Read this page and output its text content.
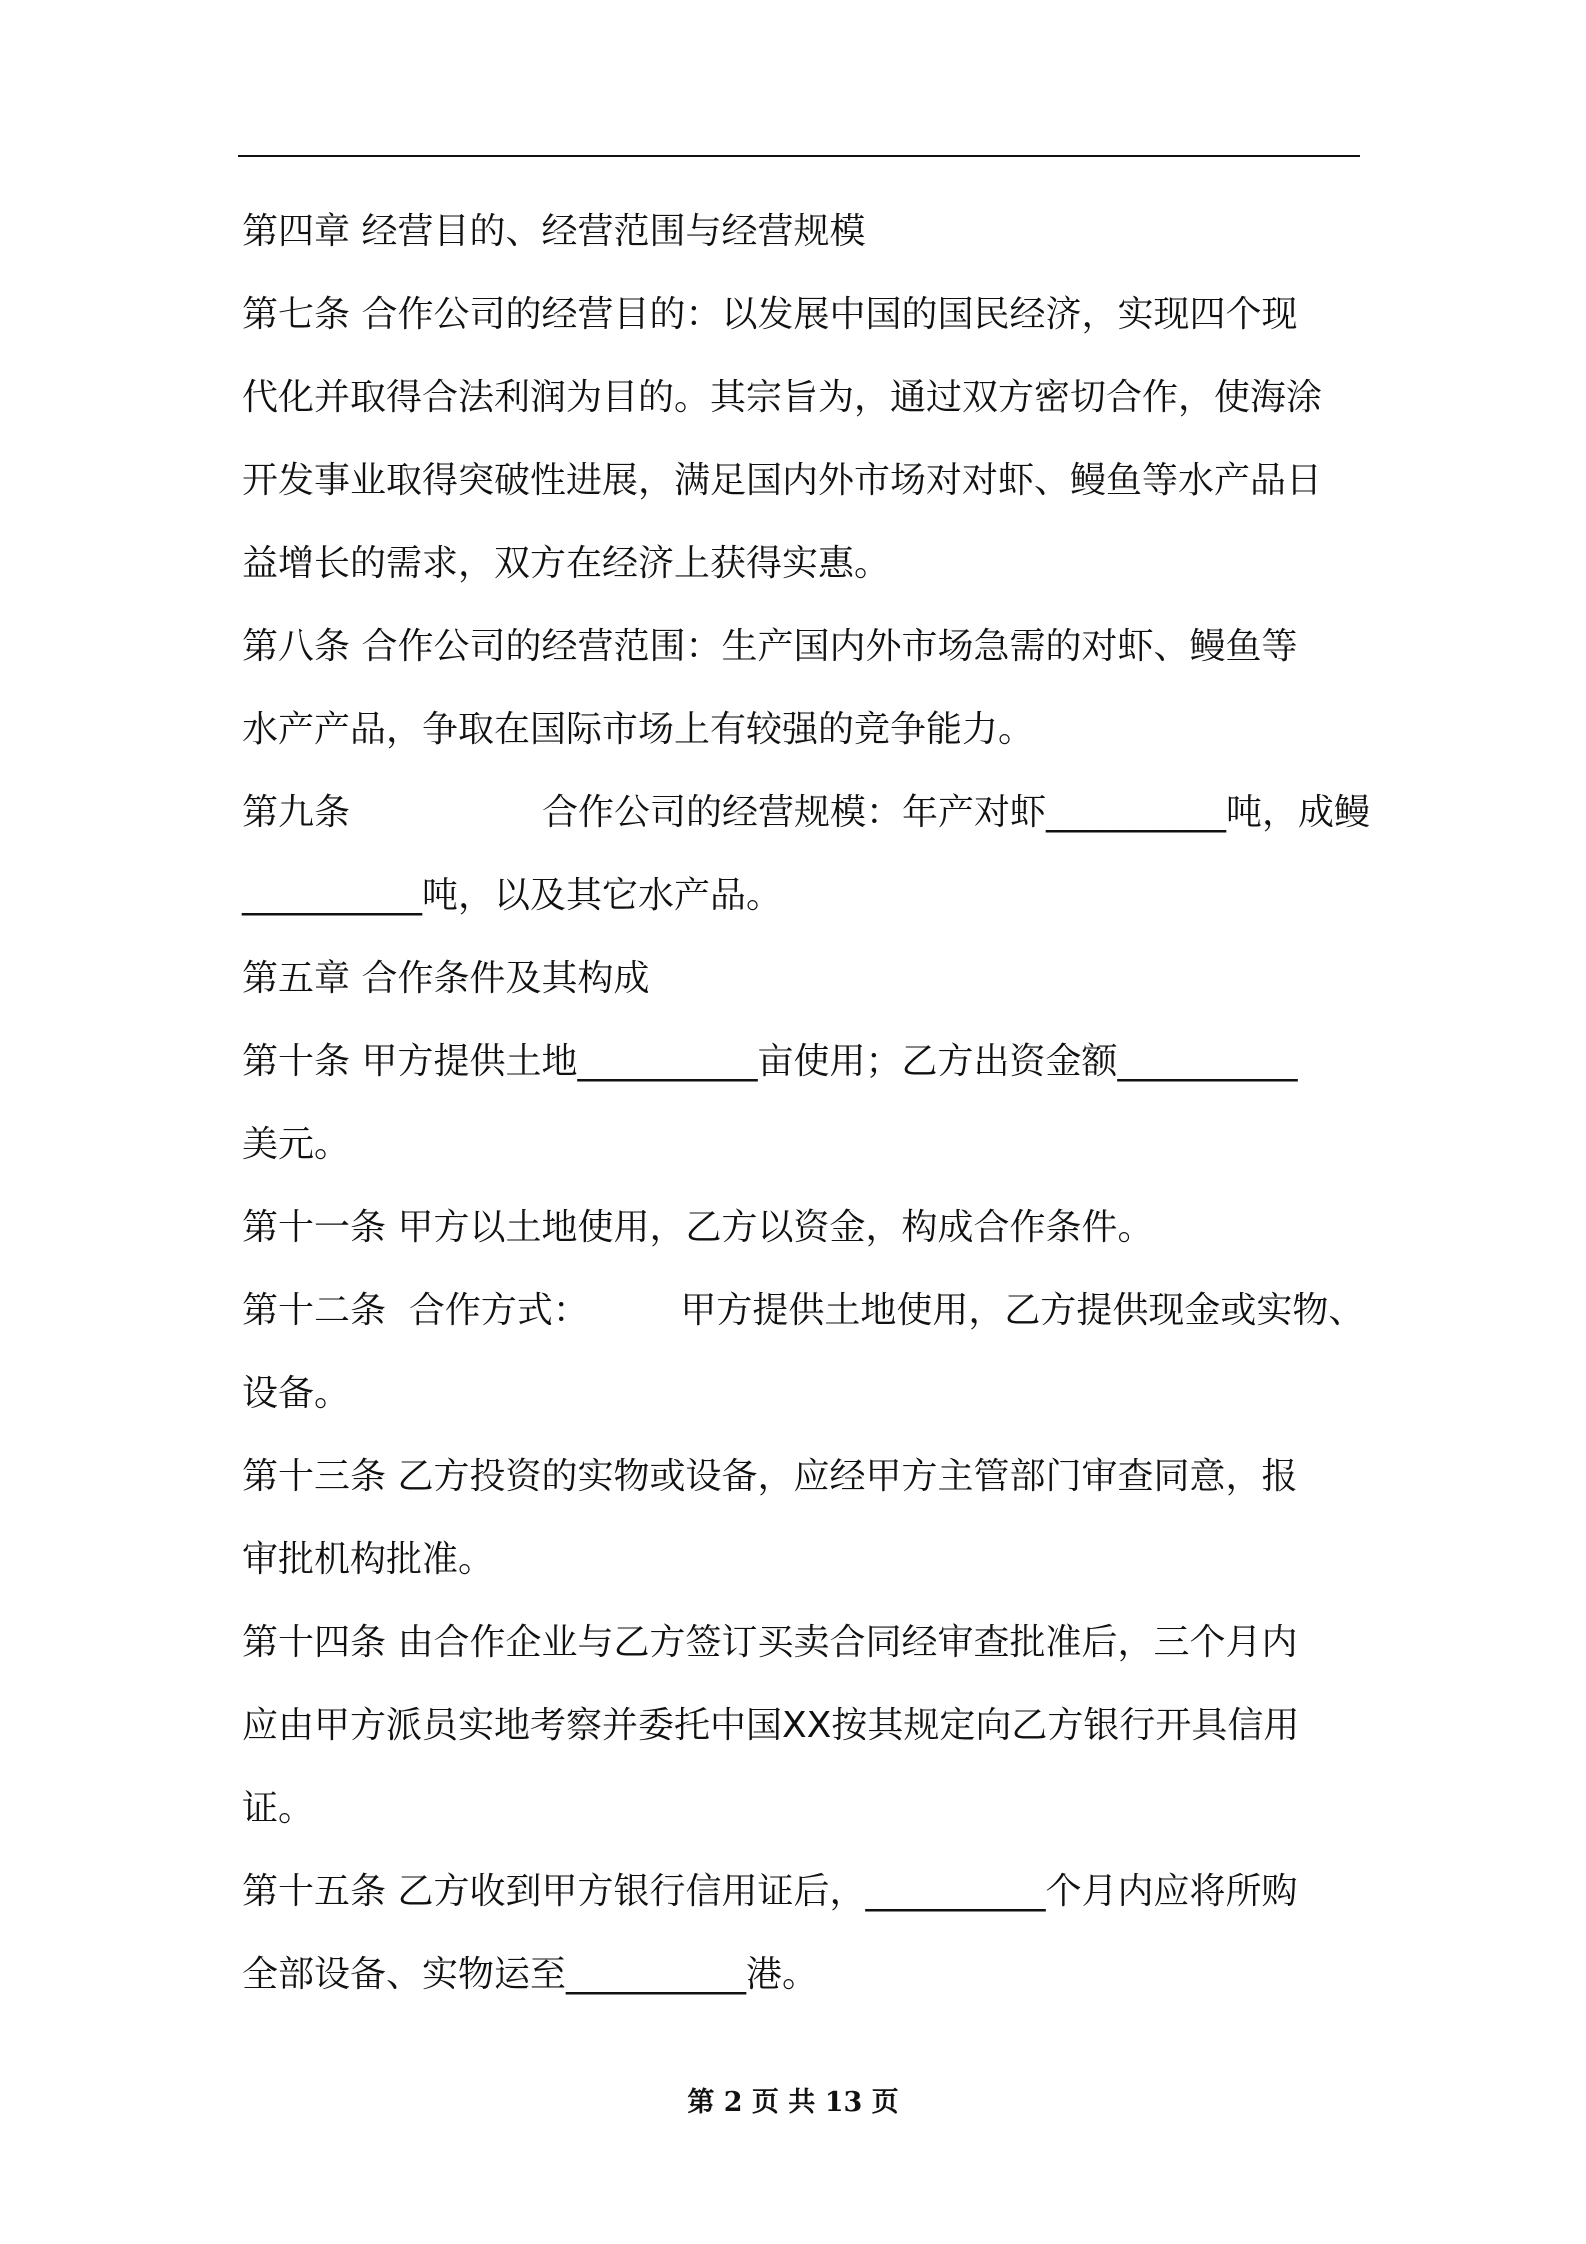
第四章 经营目的、经营范围与经营规模

第七条 合作公司的经营目的：以发展中国的国民经济，实现四个现
代化并取得合法利润为目的。其宗旨为，通过双方密切合作，使海涂
开发事业取得突破性进展，满足国内外市场对对虾、鳗鱼等水产品日
益增长的需求，双方在经济上获得实惠。

第八条 合作公司的经营范围：生产国内外市场急需的对虾、鳗鱼等
水产产品，争取在国际市场上有较强的竞争能力。

第九条	合作公司的经营规模：年产对虾__________吨，成鳗
__________吨，以及其它水产品。

第五章 合作条件及其构成

第十条 甲方提供土地__________亩使用；乙方出资金额__________
美元。

第十一条 甲方以土地使用，乙方以资金，构成合作条件。

第十二条  合作方式：        甲方提供土地使用，乙方提供现金或实物、
设备。

第十三条 乙方投资的实物或设备，应经甲方主管部门审查同意，报
审批机构批准。

第十四条 由合作企业与乙方签订买卖合同经审查批准后，三个月内
应由甲方派员实地考察并委托中国XX按其规定向乙方银行开具信用
证。

第十五条 乙方收到甲方银行信用证后，__________个月内应将所购
全部设备、实物运至__________港。

第 2 页 共 13 页
